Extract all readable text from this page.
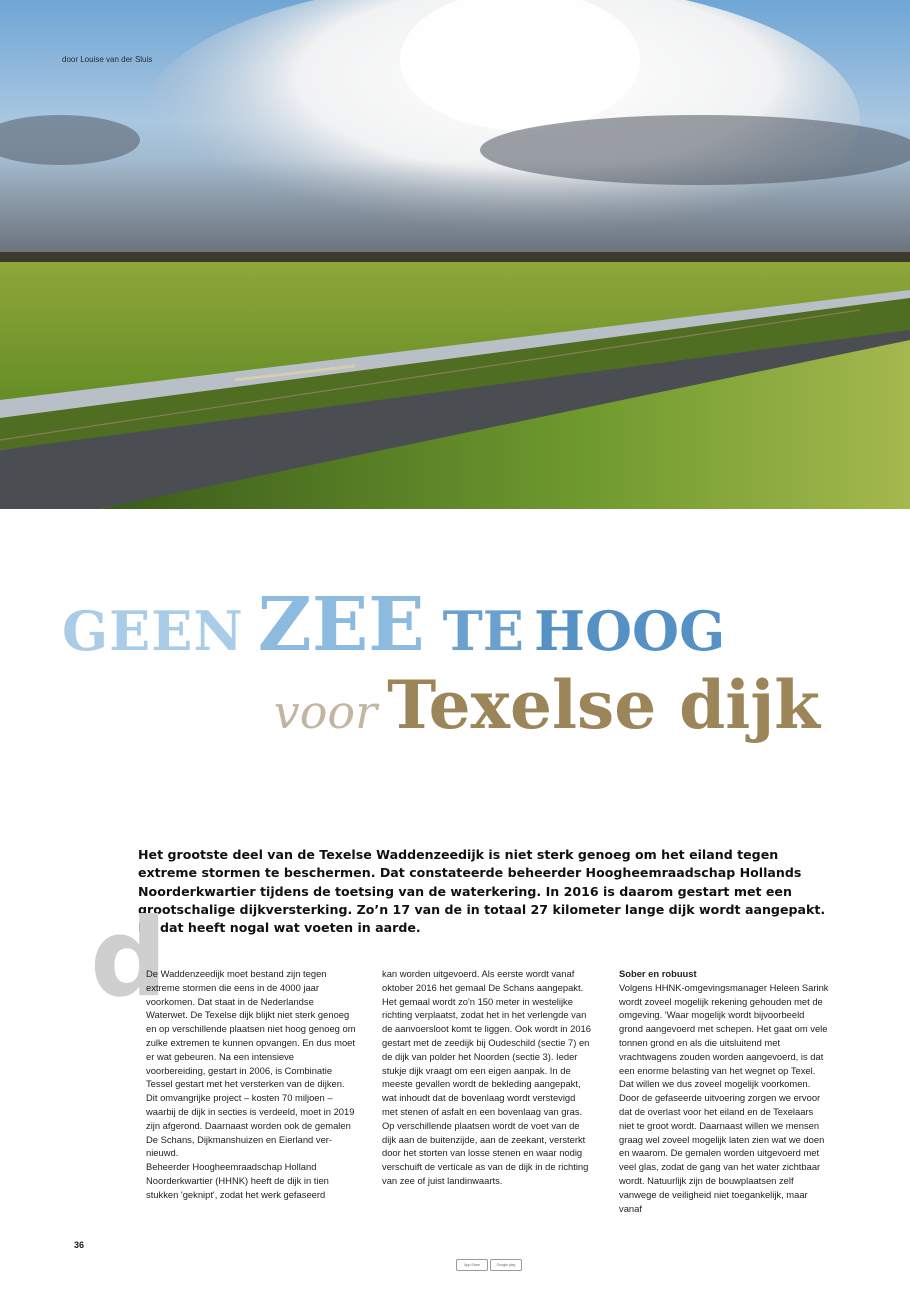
door Louise van der Sluis
GEEN ZEE TE HOOG
voor Texelse dijk
Het grootste deel van de Texelse Waddenzeedijk is niet sterk genoeg om het eiland tegen extreme stormen te beschermen. Dat constateerde beheerder Hoogheemraadschap Hollands Noorderkwartier tijdens de toetsing van de waterkering. In 2016 is daarom gestart met een grootschalige dijkversterking. Zo’n 17 van de in totaal 27 kilometer lange dijk wordt aangepakt. En dat heeft nogal wat voeten in aarde.
d

De Waddenzeedijk moet bestand zijn tegen extreme stormen die eens in de 4000 jaar voorkomen. Dat staat in de Nederlandse Waterwet. De Texelse dijk blijkt niet sterk genoeg en op verschillende plaatsen niet hoog genoeg om zulke extremen te kunnen opvangen. En dus moet er wat gebeuren. Na een intensieve voorbereiding, gestart in 2006, is Combinatie Tessel gestart met het versterken van de dijken. Dit omvangrijke project – kosten 70 miljoen – waarbij de dijk in secties is verdeeld, moet in 2019 zijn afgerond. Daarnaast worden ook de gemalen De Schans, Dijkmanshuizen en Eierland vernieuwd.

Beheerder Hoogheemraadschap Holland Noorderkwartier (HHNK) heeft de dijk in tien stukken 'geknipt', zodat het werk gefaseerd

kan worden uitgevoerd. Als eerste wordt vanaf oktober 2016 het gemaal De Schans aangepakt. Het gemaal wordt zo'n 150 meter in westelijke richting verplaatst, zodat het in het verlengde van de aanvoersloot komt te liggen. Ook wordt in 2016 gestart met de zeedijk bij Oudeschild (sectie 7) en de dijk van polder het Noorden (sectie 3). Ieder stukje dijk vraagt om een eigen aanpak. In de meeste gevallen wordt de bekleding aangepakt, wat inhoudt dat de bovenlaag wordt verstevigd met stenen of asfalt en een bovenlaag van gras. Op verschillende plaatsen wordt de voet van de dijk aan de buitenzijde, aan de zeekant, versterkt door het storten van losse stenen en waar nodig verschuift de verticale as van de dijk in de richting van zee of juist landinwaarts.

Sober en robuust

Volgens HHNK-omgevingsmanager Heleen Sarink wordt zoveel mogelijk rekening gehouden met de omgeving. 'Waar mogelijk wordt bijvoorbeeld grond aangevoerd met schepen. Het gaat om vele tonnen grond en als die uitsluitend met vrachtwagens zouden worden aangevoerd, is dat een enorme belasting van het wegnet op Texel. Dat willen we dus zoveel mogelijk voorkomen. Door de gefaseerde uitvoering zorgen we ervoor dat de overlast voor het eiland en de Texelaars niet te groot wordt. Daarnaast willen we mensen graag wel zoveel mogelijk laten zien wat we doen en waarom. De gemalen worden uitgevoerd met veel glas, zodat de gang van het water zichtbaar wordt. Natuurlijk zijn de bouwplaatsen zelf vanwege de veiligheid niet toegankelijk, maar vanaf

36
App Store	Google play
